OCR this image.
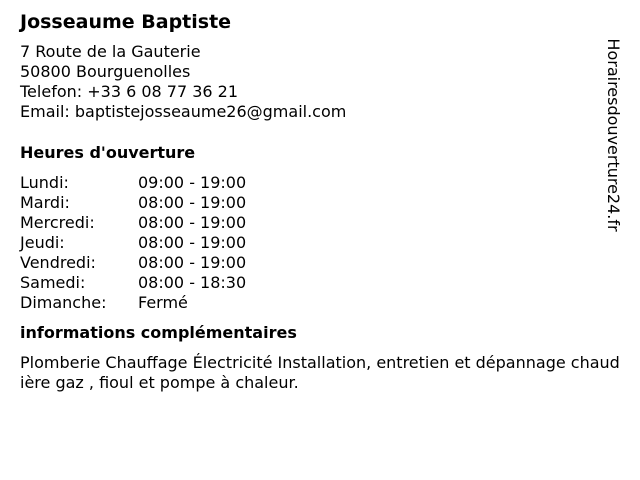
Josseaume Baptiste
7 Route de la Gauterie
50800 Bourguenolles
Telefon: +33 6 08 77 36 21
Email: baptistejosseaume26@gmail.com
Heures d'ouverture
Lundi:	09:00 - 19:00
Mardi:	08:00 - 19:00
Mercredi:	08:00 - 19:00
Jeudi:	08:00 - 19:00
Vendredi:	08:00 - 19:00
Samedi:	08:00 - 18:30
Dimanche:	Fermé
informations complémentaires

Plomberie Chauffage Électricité Installation, entretien et dépannage chaudière gaz , fioul et pompe à chaleur.

Horairesdouverture24.fr
